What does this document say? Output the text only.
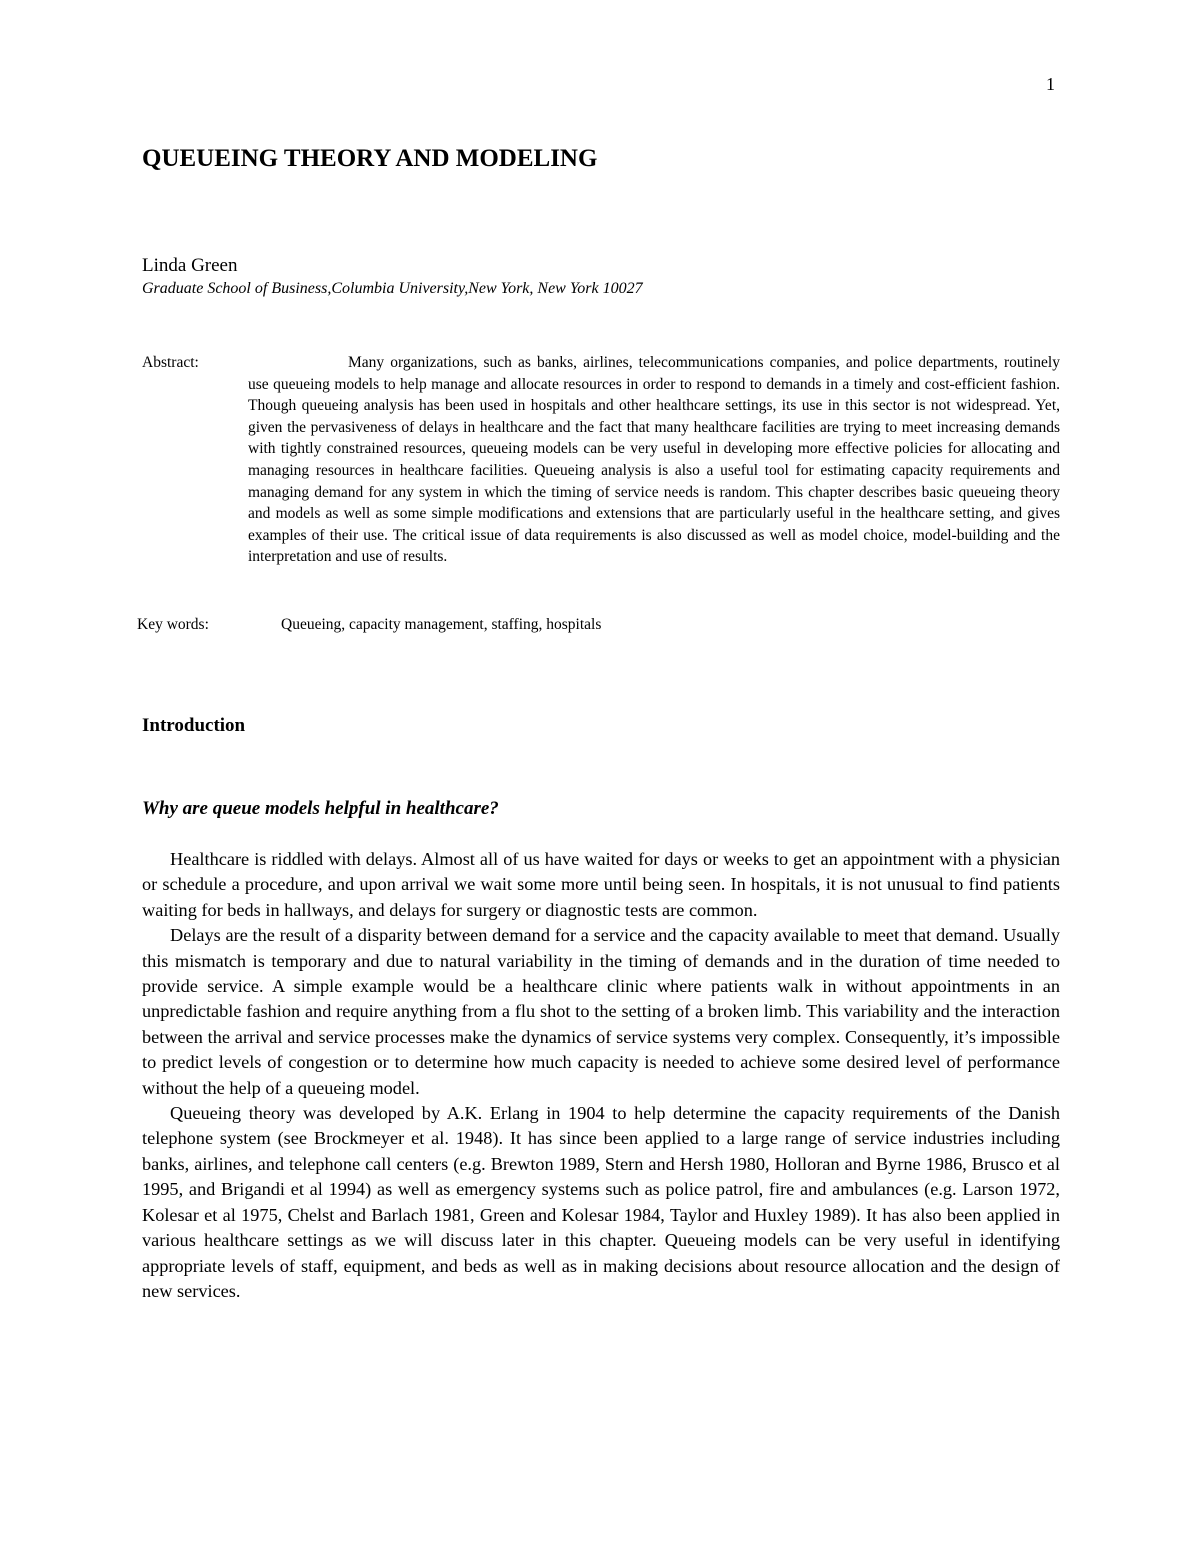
1
QUEUEING THEORY AND MODELING
Linda Green
Graduate School of Business,Columbia University,New York, New York 10027
Abstract:	Many organizations, such as banks, airlines, telecommunications companies, and police departments, routinely use queueing models to help manage and allocate resources in order to respond to demands in a timely and cost-efficient fashion. Though queueing analysis has been used in hospitals and other healthcare settings, its use in this sector is not widespread. Yet, given the pervasiveness of delays in healthcare and the fact that many healthcare facilities are trying to meet increasing demands with tightly constrained resources, queueing models can be very useful in developing more effective policies for allocating and managing resources in healthcare facilities. Queueing analysis is also a useful tool for estimating capacity requirements and managing demand for any system in which the timing of service needs is random. This chapter describes basic queueing theory and models as well as some simple modifications and extensions that are particularly useful in the healthcare setting, and gives examples of their use. The critical issue of data requirements is also discussed as well as model choice, model-building and the interpretation and use of results.

Key words:	Queueing, capacity management, staffing, hospitals
Introduction
Why are queue models helpful in healthcare?

Healthcare is riddled with delays. Almost all of us have waited for days or weeks to get an appointment with a physician or schedule a procedure, and upon arrival we wait some more until being seen. In hospitals, it is not unusual to find patients waiting for beds in hallways, and delays for surgery or diagnostic tests are common.

Delays are the result of a disparity between demand for a service and the capacity available to meet that demand. Usually this mismatch is temporary and due to natural variability in the timing of demands and in the duration of time needed to provide service. A simple example would be a healthcare clinic where patients walk in without appointments in an unpredictable fashion and require anything from a flu shot to the setting of a broken limb. This variability and the interaction between the arrival and service processes make the dynamics of service systems very complex. Consequently, it’s impossible to predict levels of congestion or to determine how much capacity is needed to achieve some desired level of performance without the help of a queueing model.

Queueing theory was developed by A.K. Erlang in 1904 to help determine the capacity requirements of the Danish telephone system (see Brockmeyer et al. 1948). It has since been applied to a large range of service industries including banks, airlines, and telephone call centers (e.g. Brewton 1989, Stern and Hersh 1980, Holloran and Byrne 1986, Brusco et al 1995, and Brigandi et al 1994) as well as emergency systems such as police patrol, fire and ambulances (e.g. Larson 1972, Kolesar et al 1975, Chelst and Barlach 1981, Green and Kolesar 1984, Taylor and Huxley 1989). It has also been applied in various healthcare settings as we will discuss later in this chapter. Queueing models can be very useful in identifying appropriate levels of staff, equipment, and beds as well as in making decisions about resource allocation and the design of new services.
